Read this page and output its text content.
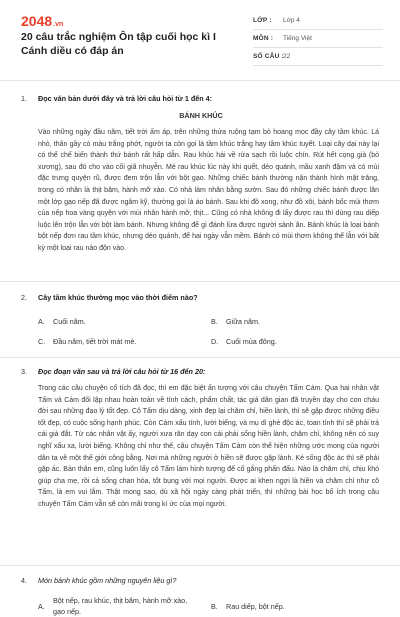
2048.vn
20 câu trắc nghiệm Ôn tập cuối học kì I Cánh diều có đáp án
LỚP : Lớp 4
MÔN : Tiếng Việt
SỐ CÂU : 22
1. Đọc văn bản dưới đây và trả lời câu hỏi từ 1 đến 4:
BÁNH KHÚC
Vào những ngày đầu năm, tiết trời ấm áp, trên những thửa ruộng tạm bỏ hoang mọc đầy cây tầm khúc. Lá nhỏ, thân gầy có màu trắng phớt, người ta còn gọi là tầm khúc trắng hay tầm khúc tuyết. Loại cây dại này lại có thể chế biến thành thứ bánh rất hấp dẫn. Rau khúc hái về rửa sạch rồi luộc chín. Rút hết cọng già (bỏ xương), sau đó cho vào cối giã nhuyễn. Mẻ rau khúc lúc này khi quết, dẻo quánh, mầu xanh đậm và có mùi đặc trưng quyện rũ, được đem trộn lẫn với bột gạo. Những chiếc bánh thường nặn thành hình mặt trăng, trong có nhân là thịt băm, hành mỡ xào. Có nhà làm nhân bằng sườn. Sau đó những chiếc bánh được lăn một lớp gạo nếp đã được ngâm kỹ, thường gọi là áo bánh. Sau khi đồ xong, như đồ xôi, bánh bốc mùi thơm của nếp hoa vàng quyện với mùi nhân hành mỡ, thịt... Cũng có nhà không đi lấy được rau thì dùng rau diếp luộc lên trộn lẫn với bột làm bánh. Nhưng không để gì đánh lừa được người sành ăn. Bánh khúc là loại bánh bột nếp đơn rau tầm khúc, nhưng dẻo quánh, để hai ngày vẫn mềm. Bánh có mùi thơm không thể lẫn với bất kỳ một loại rau nào độn vào.
2. Cây tầm khúc thường mọc vào thời điểm nào?
A. Cuối năm.	B. Giữa năm.
C. Đầu năm, tiết trời mát mẻ.	D. Cuối mùa đông.
3. Đọc đoạn văn sau và trả lời câu hỏi từ 16 đến 20:
Trong các câu chuyện cổ tích đã đọc, thì em đặc biệt ấn tượng với câu chuyện Tấm Cám. Qua hai nhân vật Tấm và Cám đối lập nhau hoàn toàn về tính cách, phẩm chất, tác giả dân gian đã truyền dạy cho con cháu đời sau những đạo lý tốt đẹp. Cô Tấm dịu dàng, xinh đẹp lại chăm chỉ, hiền lành, thì sẽ gặp được những điều tốt đẹp, có cuộc sống hạnh phúc. Còn Cám xấu tính, lười biếng, và mụ dì ghẻ độc ác, toan tính thì sẽ phải trả cái giá đắt. Từ các nhân vật ấy, người xưa răn dạy con cái phải sống hiền lành, chăm chỉ, không nên có suy nghĩ xấu xa, lười biếng. Không chỉ như thế, câu chuyện Tấm Cám còn thể hiện những ước mong của người dân ta về một thế giới công bằng. Nơi mà những người ở hiền sẽ được gặp lành. Kẻ sống độc ác thì sẽ phải gặp ác. Bản thân em, cũng luôn lấy cô Tấm làm hình tượng để cố gắng phấn đấu. Nào là chăm chỉ, chịu khó giúp cha mẹ, rồi cả sống chan hòa, tốt bụng với mọi người. Được ai khen ngợi là hiền và chăm chỉ như cô Tấm, là em vui lắm. Thật mong sao, dù xã hội ngày càng phát triển, thì những bài học bổ ích trong câu chuyện Tấm Cám vẫn sẽ còn mãi trong kí ức của mọi người.
4. Món bánh khúc gồm những nguyên liệu gì?
A.
Bột nếp, rau khúc, thịt băm, hành mỡ xào, gạo nếp.
B. Rau diếp, bột nếp.
